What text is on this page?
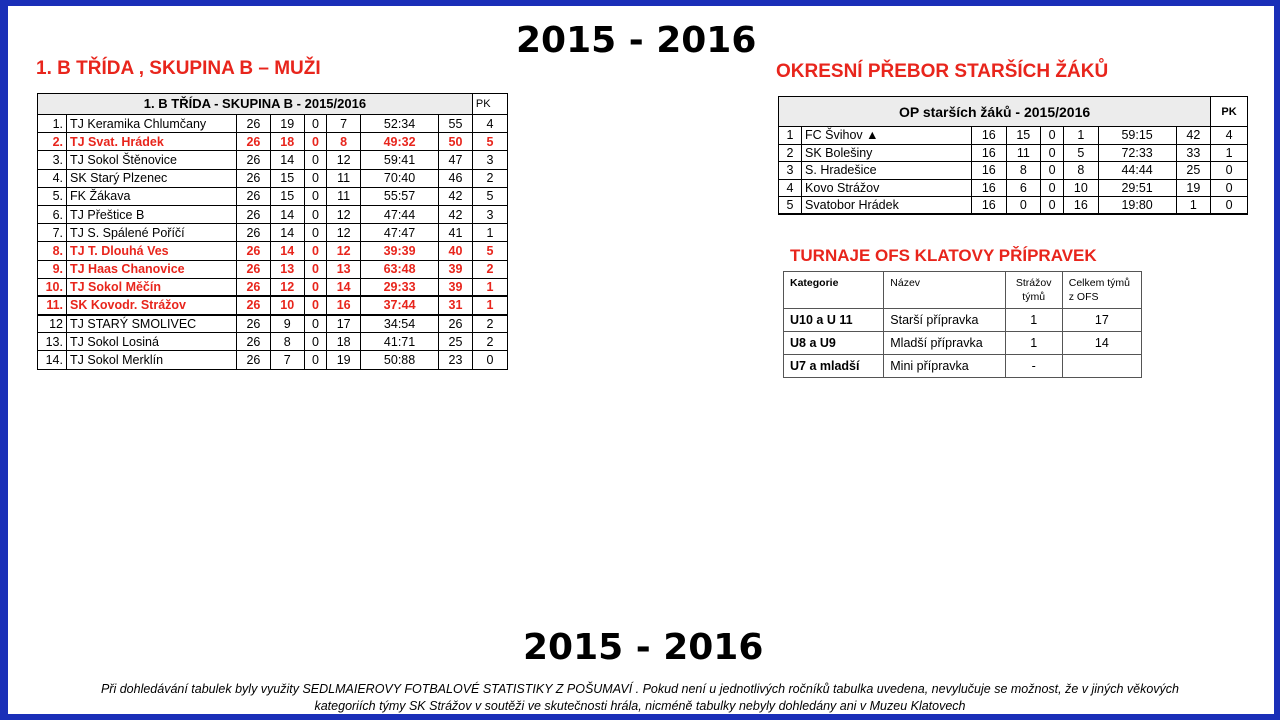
2015 - 2016
1. B TŘÍDA , SKUPINA B – MUŽI	OKRESNÍ PŘEBOR STARŠÍCH ŽÁKŮ
1. B TŘÍDA - SKUPINA B - 2015/2016								PK
1.	TJ Keramika Chlumčany	26	19	0	7	52:34	55	4
2.	TJ Svat. Hrádek	26	18	0	8	49:32	50	5
3.	TJ Sokol Štěnovice	26	14	0	12	59:41	47	3
4.	SK Starý Plzenec	26	15	0	11	70:40	46	2
5.	FK Žákava	26	15	0	11	55:57	42	5
6.	TJ Přeštice B	26	14	0	12	47:44	42	3
7.	TJ S. Spálené Poříčí	26	14	0	12	47:47	41	1
8.	TJ T. Dlouhá Ves	26	14	0	12	39:39	40	5
9.	TJ Haas Chanovice	26	13	0	13	63:48	39	2
10.	TJ Sokol Měčín	26	12	0	14	29:33	39	1
11.	SK Kovodr. Strážov	26	10	0	16	37:44	31	1
12	TJ STARÝ SMOLIVEC	26	9	0	17	34:54	26	2
13.	TJ Sokol Losiná	26	8	0	18	41:71	25	2
14.	TJ Sokol Merklín	26	7	0	19	50:88	23	0
OP starších žáků - 2015/2016								PK
1	FC Švihov ▲	16	15	0	1	59:15	42	4
2	SK Bolešiny	16	11	0	5	72:33	33	1
3	S. Hradešice	16	8	0	8	44:44	25	0
4	Kovo Strážov	16	6	0	10	29:51	19	0
5	Svatobor Hrádek	16	0	0	16	19:80	1	0
TURNAJE OFS KLATOVY PŘÍPRAVEK
Kategorie	Název	Strážov týmů	Celkem týmů z OFS
U10 a U 11	Starší přípravka	1	17
U8 a U9	Mladší přípravka	1	14
U7 a mladší	Mini přípravka	-	
2015 - 2016
Při dohledávání tabulek byly využity SEDLMAIEROVY FOTBALOVÉ STATISTIKY Z POŠUMAVÍ . Pokud není u jednotlivých ročníků tabulka uvedena, nevylučuje se možnost, že v jiných věkových
kategoriích týmy SK Strážov v soutěži ve skutečnosti hrála, nicméně tabulky nebyly dohledány ani v Muzeu Klatovech
